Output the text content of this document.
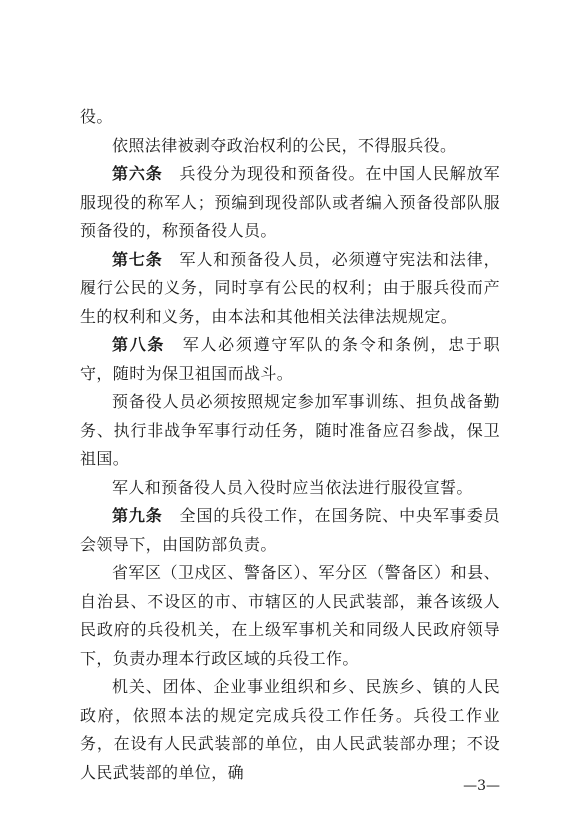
役。

依照法律被剥夺政治权利的公民，不得服兵役。

第六条　兵役分为现役和预备役。在中国人民解放军服现役的称军人；预编到现役部队或者编入预备役部队服预备役的，称预备役人员。

第七条　军人和预备役人员，必须遵守宪法和法律，履行公民的义务，同时享有公民的权利；由于服兵役而产生的权利和义务，由本法和其他相关法律法规规定。

第八条　军人必须遵守军队的条令和条例，忠于职守，随时为保卫祖国而战斗。

预备役人员必须按照规定参加军事训练、担负战备勤务、执行非战争军事行动任务，随时准备应召参战，保卫祖国。

军人和预备役人员入役时应当依法进行服役宣誓。

第九条　全国的兵役工作，在国务院、中央军事委员会领导下，由国防部负责。

省军区（卫戍区、警备区）、军分区（警备区）和县、自治县、不设区的市、市辖区的人民武装部，兼各该级人民政府的兵役机关，在上级军事机关和同级人民政府领导下，负责办理本行政区域的兵役工作。

机关、团体、企业事业组织和乡、民族乡、镇的人民政府，依照本法的规定完成兵役工作任务。兵役工作业务，在设有人民武装部的单位，由人民武装部办理；不设人民武装部的单位，确

—3—
